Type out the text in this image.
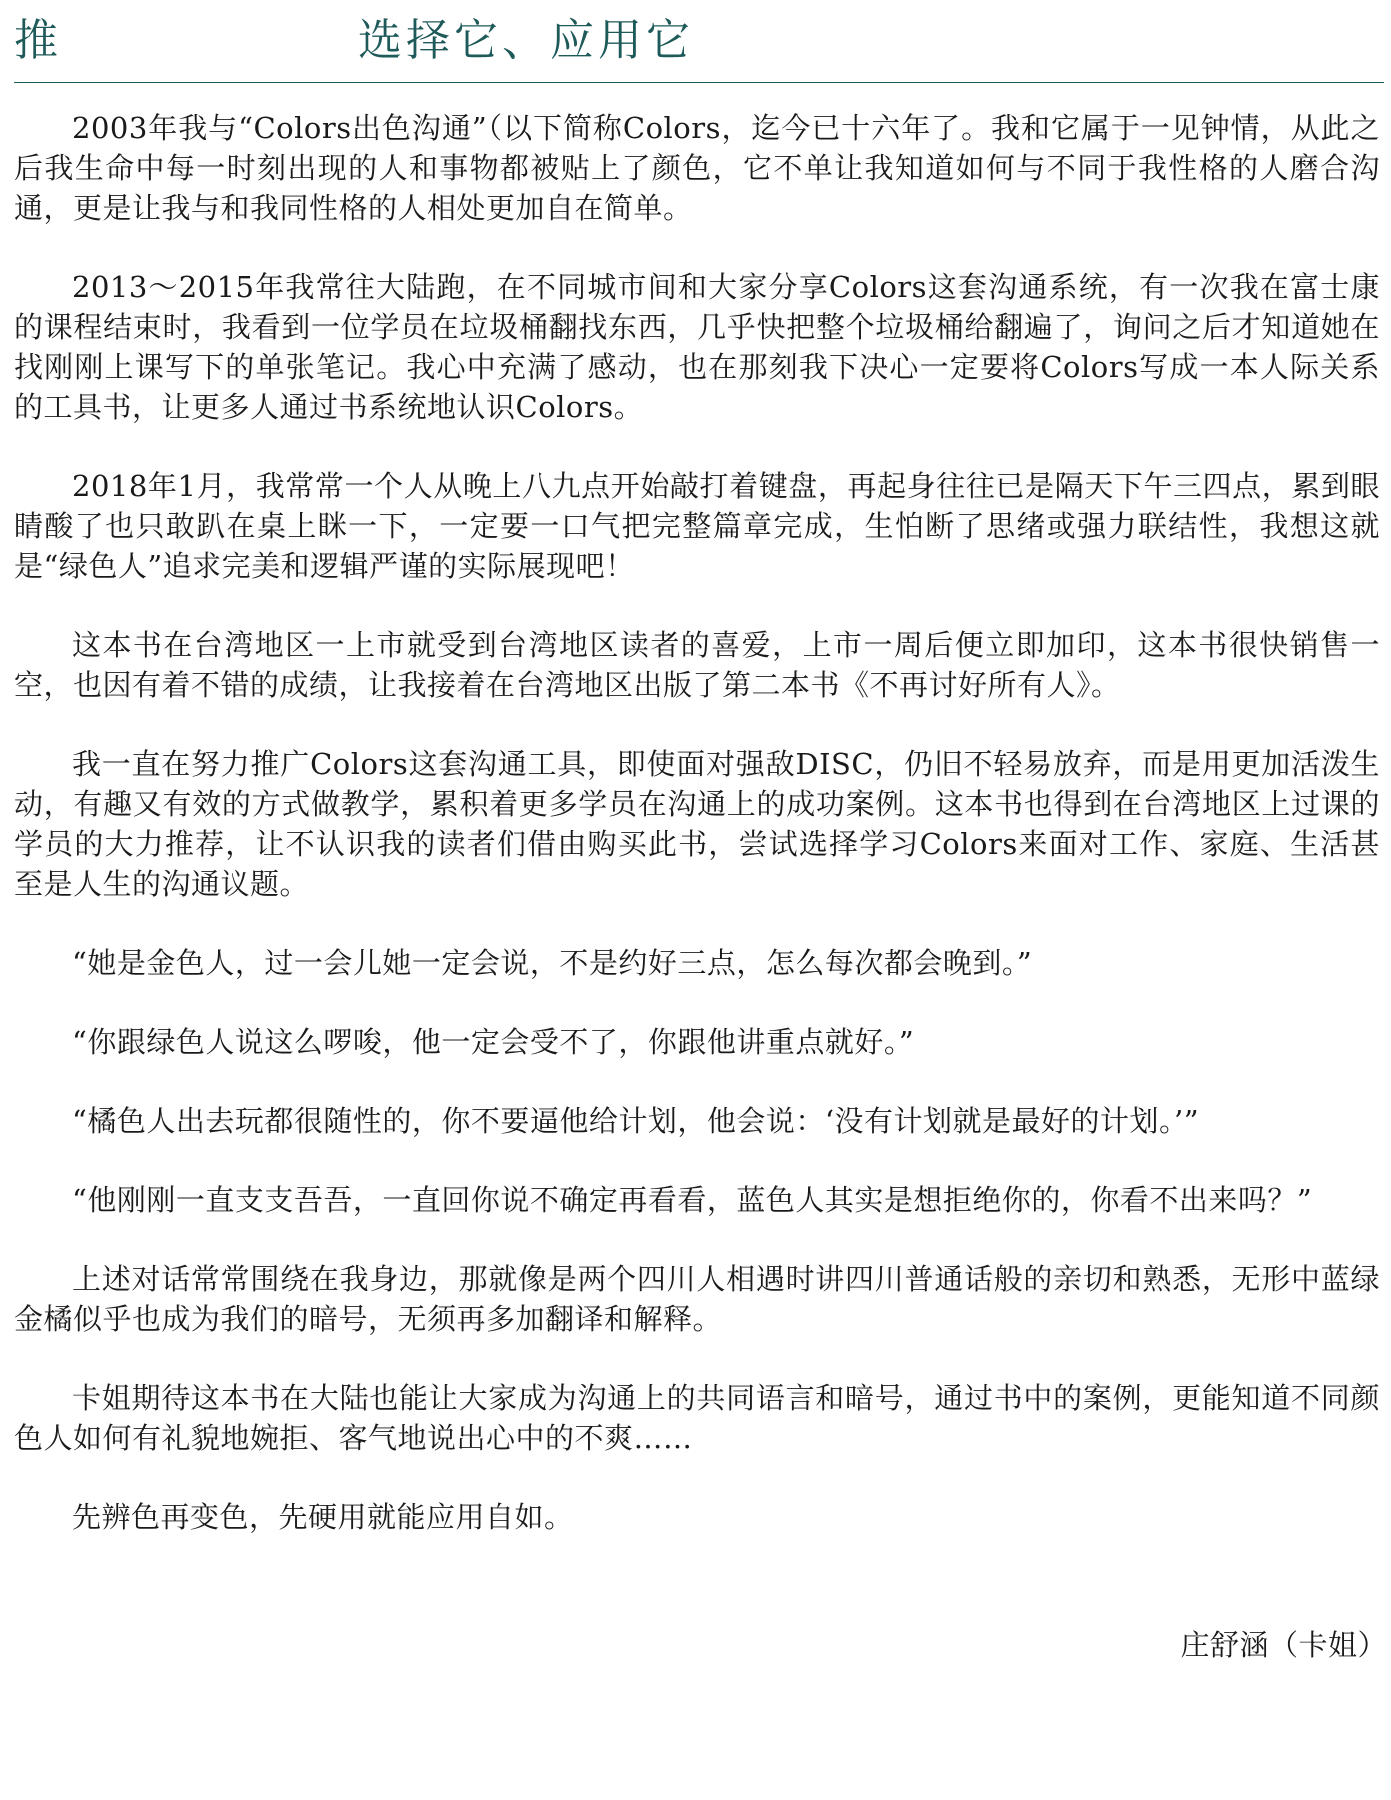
推	选择它、应用它

2003年我与“Colors出色沟通”（以下简称Colors，迄今已十六年了。我和它属于一见钟情，从此之后我生命中每一时刻出现的人和事物都被贴上了颜色，它不单让我知道如何与不同于我性格的人磨合沟通，更是让我与和我同性格的人相处更加自在简单。

2013～2015年我常往大陆跑，在不同城市间和大家分享Colors这套沟通系统，有一次我在富士康的课程结束时，我看到一位学员在垃圾桶翻找东西，几乎快把整个垃圾桶给翻遍了，询问之后才知道她在找刚刚上课写下的单张笔记。我心中充满了感动，也在那刻我下决心一定要将Colors写成一本人际关系的工具书，让更多人通过书系统地认识Colors。

2018年1月，我常常一个人从晚上八九点开始敲打着键盘，再起身往往已是隔天下午三四点，累到眼睛酸了也只敢趴在桌上眯一下，一定要一口气把完整篇章完成，生怕断了思绪或强力联结性，我想这就是“绿色人”追求完美和逻辑严谨的实际展现吧！

这本书在台湾地区一上市就受到台湾地区读者的喜爱，上市一周后便立即加印，这本书很快销售一空，也因有着不错的成绩，让我接着在台湾地区出版了第二本书《不再讨好所有人》。

我一直在努力推广Colors这套沟通工具，即使面对强敌DISC，仍旧不轻易放弃，而是用更加活泼生动，有趣又有效的方式做教学，累积着更多学员在沟通上的成功案例。这本书也得到在台湾地区上过课的学员的大力推荐，让不认识我的读者们借由购买此书，尝试选择学习Colors来面对工作、家庭、生活甚至是人生的沟通议题。

“她是金色人，过一会儿她一定会说，不是约好三点，怎么每次都会晚到。”

“你跟绿色人说这么啰唆，他一定会受不了，你跟他讲重点就好。”

“橘色人出去玩都很随性的，你不要逼他给计划，他会说：‘没有计划就是最好的计划。’”

“他刚刚一直支支吾吾，一直回你说不确定再看看，蓝色人其实是想拒绝你的，你看不出来吗？”

上述对话常常围绕在我身边，那就像是两个四川人相遇时讲四川普通话般的亲切和熟悉，无形中蓝绿金橘似乎也成为我们的暗号，无须再多加翻译和解释。

卡姐期待这本书在大陆也能让大家成为沟通上的共同语言和暗号，通过书中的案例，更能知道不同颜色人如何有礼貌地婉拒、客气地说出心中的不爽……

先辨色再变色，先硬用就能应用自如。

庄舒涵（卡姐）
